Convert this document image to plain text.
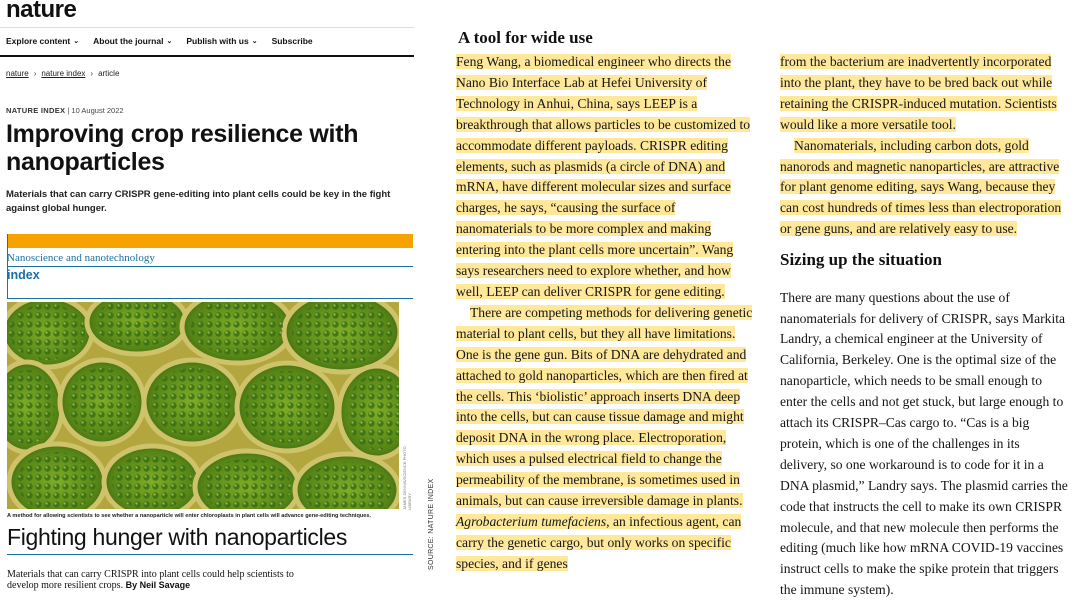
nature
Explore content ⌄ About the journal ⌄ Publish with us ⌄ Subscribe
nature › nature index › article
NATURE INDEX | 10 August 2022
Improving crop resilience with nanoparticles
Materials that can carry CRISPR gene-editing into plant cells could be key in the fight against global hunger.
Nanoscience and nanotechnology
index
JAMES DENNIS/SCIENCE PHOTO LIBRARY
A method for allowing scientists to see whether a nanoparticle will enter chloroplasts in plant cells will advance gene-editing techniques.
Fighting hunger with nanoparticles
Materials that can carry CRISPR into plant cells could help scientists to develop more resilient crops. By Neil Savage
SOURCE: NATURE INDEX
A tool for wide use

Feng Wang, a biomedical engineer who directs the Nano Bio Interface Lab at Hefei University of Technology in Anhui, China, says LEEP is a breakthrough that allows particles to be customized to accommodate different payloads. CRISPR editing elements, such as plasmids (a circle of DNA) and mRNA, have different molecular sizes and surface charges, he says, “causing the surface of nanomaterials to be more complex and making entering into the plant cells more uncertain”. Wang says researchers need to explore whether, and how well, LEEP can deliver CRISPR for gene editing.

There are competing methods for delivering genetic material to plant cells, but they all have limitations. One is the gene gun. Bits of DNA are dehydrated and attached to gold nanoparticles, which are then fired at the cells. This ‘biolistic’ approach inserts DNA deep into the cells, but can cause tissue damage and might deposit DNA in the wrong place. Electroporation, which uses a pulsed electrical field to change the permeability of the membrane, is sometimes used in animals, but can cause irreversible damage in plants. Agrobacterium tumefaciens, an infectious agent, can carry the genetic cargo, but only works on specific species, and if genes

from the bacterium are inadvertently incorporated into the plant, they have to be bred back out while retaining the CRISPR-induced mutation. Scientists would like a more versatile tool.

Nanomaterials, including carbon dots, gold nanorods and magnetic nanoparticles, are attractive for plant genome editing, says Wang, because they can cost hundreds of times less than electroporation or gene guns, and are relatively easy to use.

Sizing up the situation

There are many questions about the use of nanomaterials for delivery of CRISPR, says Markita Landry, a chemical engineer at the University of California, Berkeley. One is the optimal size of the nanoparticle, which needs to be small enough to enter the cells and not get stuck, but large enough to attach its CRISPR–Cas cargo to. “Cas is a big protein, which is one of the challenges in its delivery, so one workaround is to code for it in a DNA plasmid,” Landry says. The plasmid carries the code that instructs the cell to make its own CRISPR molecule, and that new molecule then performs the editing (much like how mRNA COVID-19 vaccines instruct cells to make the spike protein that triggers the immune system).
